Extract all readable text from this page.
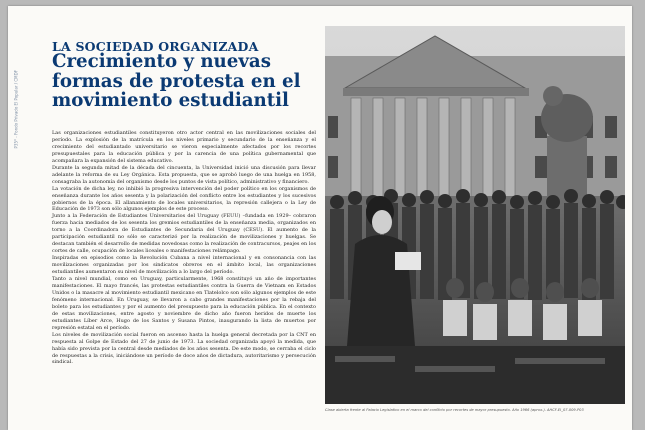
P35* - Fondo Privado El Popular / CMDF
LA SOCIEDAD ORGANIZADA
Crecimiento y nuevas formas de protesta en el movimiento estudiantil

Las organizaciones estudiantiles constituyeron otro actor central en las movilizaciones sociales del período. La explosión de la matrícula en los niveles primario y secundario de la enseñanza y el crecimiento del estudiantado universitario se vieron especialmente afectados por los recortes presupuestales para la educación pública y por la carencia de una política gubernamental que acompañara la expansión del sistema educativo.

Durante la segunda mitad de la década del cincuenta, la Universidad inició una discusión para llevar adelante la reforma de su Ley Orgánica. Esta propuesta, que se aprobó luego de una huelga en 1958, consagraba la autonomía del organismo desde los puntos de vista político, administrativo y financiero.

La votación de dicha ley, no inhibió la progresiva intervención del poder político en los organismos de enseñanza durante los años sesenta y la polarización del conflicto entre los estudiantes y los sucesivos gobiernos de la época. El allanamiento de locales universitarios, la represión callejera o la Ley de Educación de 1973 son sólo algunos ejemplos de este proceso.

Junto a la Federación de Estudiantes Universitarios del Uruguay (FEUU) –fundada en 1929– cobraron fuerza hacia mediados de los sesenta los gremios estudiantiles de la enseñanza media, organizados en torno a la Coordinadora de Estudiantes de Secundaria del Uruguay (CESU). El aumento de la participación estudiantil no sólo se caracterizó por la realización de movilizaciones y huelgas. Se destacan también el desarrollo de medidas novedosas como la realización de contracursos, peajes en los cortes de calle, ocupación de locales liceales o manifestaciones relámpago.

Inspiradas en episodios como la Revolución Cubana a nivel internacional y en consonancia con las movilizaciones organizadas por los sindicatos obreros en el ámbito local, las organizaciones estudiantiles aumentaron su nivel de movilización a lo largo del período.

Tanto a nivel mundial, como en Uruguay, particularmente, 1968 constituyó un año de importantes manifestaciones. El mayo francés, las protestas estudiantiles contra la Guerra de Vietnam en Estados Unidos o la masacre al movimiento estudiantil mexicano en Tlatelolco son sólo algunos ejemplos de este fenómeno internacional. En Uruguay, se llevaron a cabo grandes manifestaciones por la rebaja del boleto para los estudiantes y por el aumento del presupuesto para la educación pública. En el contexto de estas movilizaciones, entre agosto y noviembre de dicho año fueron heridos de muerte los estudiantes Líber Arce, Hugo de los Santos y Susana Pintos, inaugurando la lista de muertos por represión estatal en el período.

Los niveles de movilización social fueron en ascenso hasta la huelga general decretada por la CNT en respuesta al Golpe de Estado del 27 de junio de 1973. La sociedad organizada apoyó la medida, que había sido prevista por la central desde mediados de los años sesenta. De este modo, se cerraba el ciclo de respuestas a la crisis, iniciándose un período de doce años de dictadura, autoritarismo y persecución sindical.

Clase abierta frente al Palacio Legislativo en el marco del conflicto por recortes de mayor presupuesto. Año 1966 (aprox.). AHCF-EI_07-009-P03
